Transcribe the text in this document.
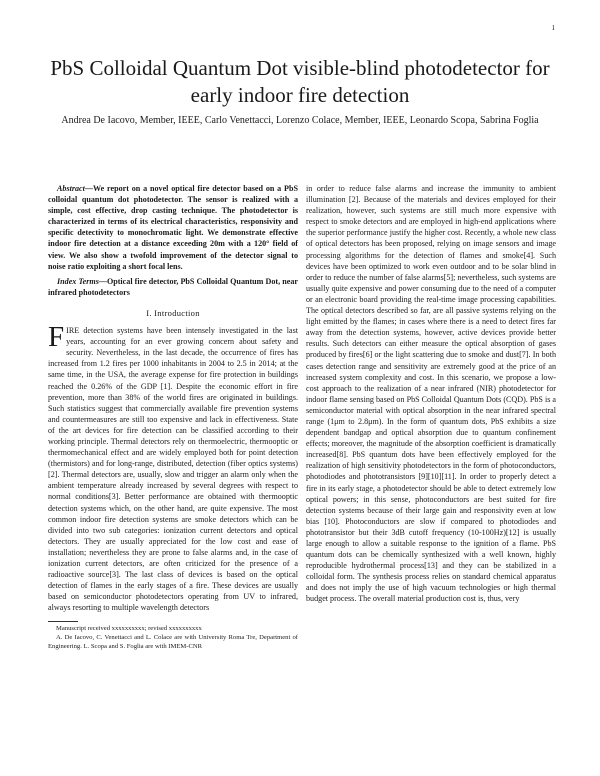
1
PbS Colloidal Quantum Dot visible-blind photodetector for early indoor fire detection

Andrea De Iacovo, Member, IEEE, Carlo Venettacci, Lorenzo Colace, Member, IEEE, Leonardo Scopa, Sabrina Foglia

Abstract—We report on a novel optical fire detector based on a PbS colloidal quantum dot photodetector. The sensor is realized with a simple, cost effective, drop casting technique. The photodetector is characterized in terms of its electrical characteristics, responsivity and specific detectivity to monochromatic light. We demonstrate effective indoor fire detection at a distance exceeding 20m with a 120° field of view. We also show a twofold improvement of the detector signal to noise ratio exploiting a short focal lens.

Index Terms—Optical fire detector, PbS Colloidal Quantum Dot, near infrared photodetectors

I. Introduction

FIRE detection systems have been intensely investigated in the last years, accounting for an ever growing concern about safety and security. Nevertheless, in the last decade, the occurrence of fires has increased from 1.2 fires per 1000 inhabitants in 2004 to 2.5 in 2014; at the same time, in the USA, the average expense for fire protection in buildings reached the 0.26% of the GDP [1]. Despite the economic effort in fire prevention, more than 38% of the world fires are originated in buildings. Such statistics suggest that commercially available fire prevention systems and countermeasures are still too expensive and lack in effectiveness. State of the art devices for fire detection can be classified according to their working principle. Thermal detectors rely on thermoelectric, thermooptic or thermomechanical effect and are widely employed both for point detection (thermistors) and for long-range, distributed, detection (fiber optics systems)[2]. Thermal detectors are, usually, slow and trigger an alarm only when the ambient temperature already increased by several degrees with respect to normal conditions[3]. Better performance are obtained with thermooptic detection systems which, on the other hand, are quite expensive. The most common indoor fire detection systems are smoke detectors which can be divided into two sub categories: ionization current detectors and optical detectors. They are usually appreciated for the low cost and ease of installation; nevertheless they are prone to false alarms and, in the case of ionization current detectors, are often criticized for the presence of a radioactive source[3]. The last class of devices is based on the optical detection of flames in the early stages of a fire. These devices are usually based on semiconductor photodetectors operating from UV to infrared, always resorting to multiple wavelength detectors

Manuscript received xxxxxxxxxx; revised xxxxxxxxxx

A. De Iacovo, C. Venettacci and L. Colace are with University Roma Tre, Department of Engineering. L. Scopa and S. Foglia are with IMEM-CNR

in order to reduce false alarms and increase the immunity to ambient illumination [2]. Because of the materials and devices employed for their realization, however, such systems are still much more expensive with respect to smoke detectors and are employed in high-end applications where the superior performance justify the higher cost. Recently, a whole new class of optical detectors has been proposed, relying on image sensors and image processing algorithms for the detection of flames and smoke[4]. Such devices have been optimized to work even outdoor and to be solar blind in order to reduce the number of false alarms[5]; nevertheless, such systems are usually quite expensive and power consuming due to the need of a computer or an electronic board providing the real-time image processing capabilities. The optical detectors described so far, are all passive systems relying on the light emitted by the flames; in cases where there is a need to detect fires far away from the detection systems, however, active devices provide better results. Such detectors can either measure the optical absorption of gases produced by fires[6] or the light scattering due to smoke and dust[7]. In both cases detection range and sensitivity are extremely good at the price of an increased system complexity and cost. In this scenario, we propose a low-cost approach to the realization of a near infrared (NIR) photodetector for indoor flame sensing based on PbS Colloidal Quantum Dots (CQD). PbS is a semiconductor material with optical absorption in the near infrared spectral range (1μm to 2.8μm). In the form of quantum dots, PbS exhibits a size dependent bandgap and optical absorption due to quantum confinement effects; moreover, the magnitude of the absorption coefficient is dramatically increased[8]. PbS quantum dots have been effectively employed for the realization of high sensitivity photodetectors in the form of photoconductors, photodiodes and phototransistors [9][10][11]. In order to properly detect a fire in its early stage, a photodetector should be able to detect extremely low optical powers; in this sense, photoconductors are best suited for fire detection systems because of their large gain and responsivity even at low bias [10]. Photoconductors are slow if compared to photodiodes and phototransistor but their 3dB cutoff frequency (10-100Hz)[12] is usually large enough to allow a suitable response to the ignition of a flame. PbS quantum dots can be chemically synthesized with a well known, highly reproducible hydrothermal process[13] and they can be stabilized in a colloidal form. The synthesis process relies on standard chemical apparatus and does not imply the use of high vacuum technologies or high thermal budget process. The overall material production cost is, thus, very
